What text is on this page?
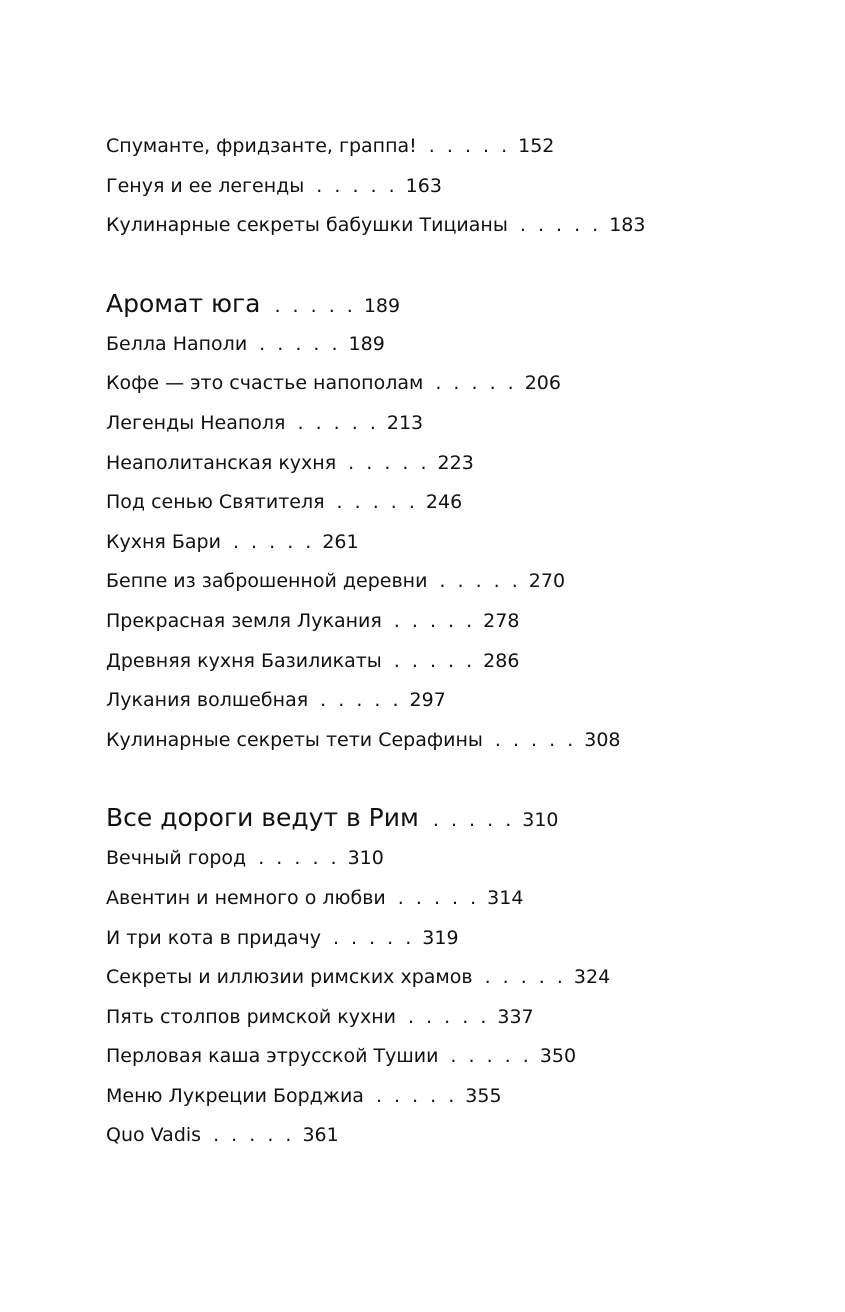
Спуманте, фридзанте, граппа! . . . . . 152
Генуя и ее легенды . . . . . 163
Кулинарные секреты бабушки Тицианы . . . . . 183
Аромат юга . . . . . 189
Белла Наполи . . . . . 189
Кофе — это счастье напополам . . . . . 206
Легенды Неаполя . . . . . 213
Неаполитанская кухня . . . . . 223
Под сенью Святителя . . . . . 246
Кухня Бари . . . . . 261
Беппе из заброшенной деревни . . . . . 270
Прекрасная земля Лукания . . . . . 278
Древняя кухня Базиликаты . . . . . 286
Лукания волшебная . . . . . 297
Кулинарные секреты тети Серафины . . . . . 308
Все дороги ведут в Рим . . . . . 310
Вечный город . . . . . 310
Авентин и немного о любви . . . . . 314
И три кота в придачу . . . . . 319
Секреты и иллюзии римских храмов . . . . . 324
Пять столпов римской кухни . . . . . 337
Перловая каша этрусской Тушии . . . . . 350
Меню Лукреции Борджиа . . . . . 355
Quo Vadis . . . . . 361
